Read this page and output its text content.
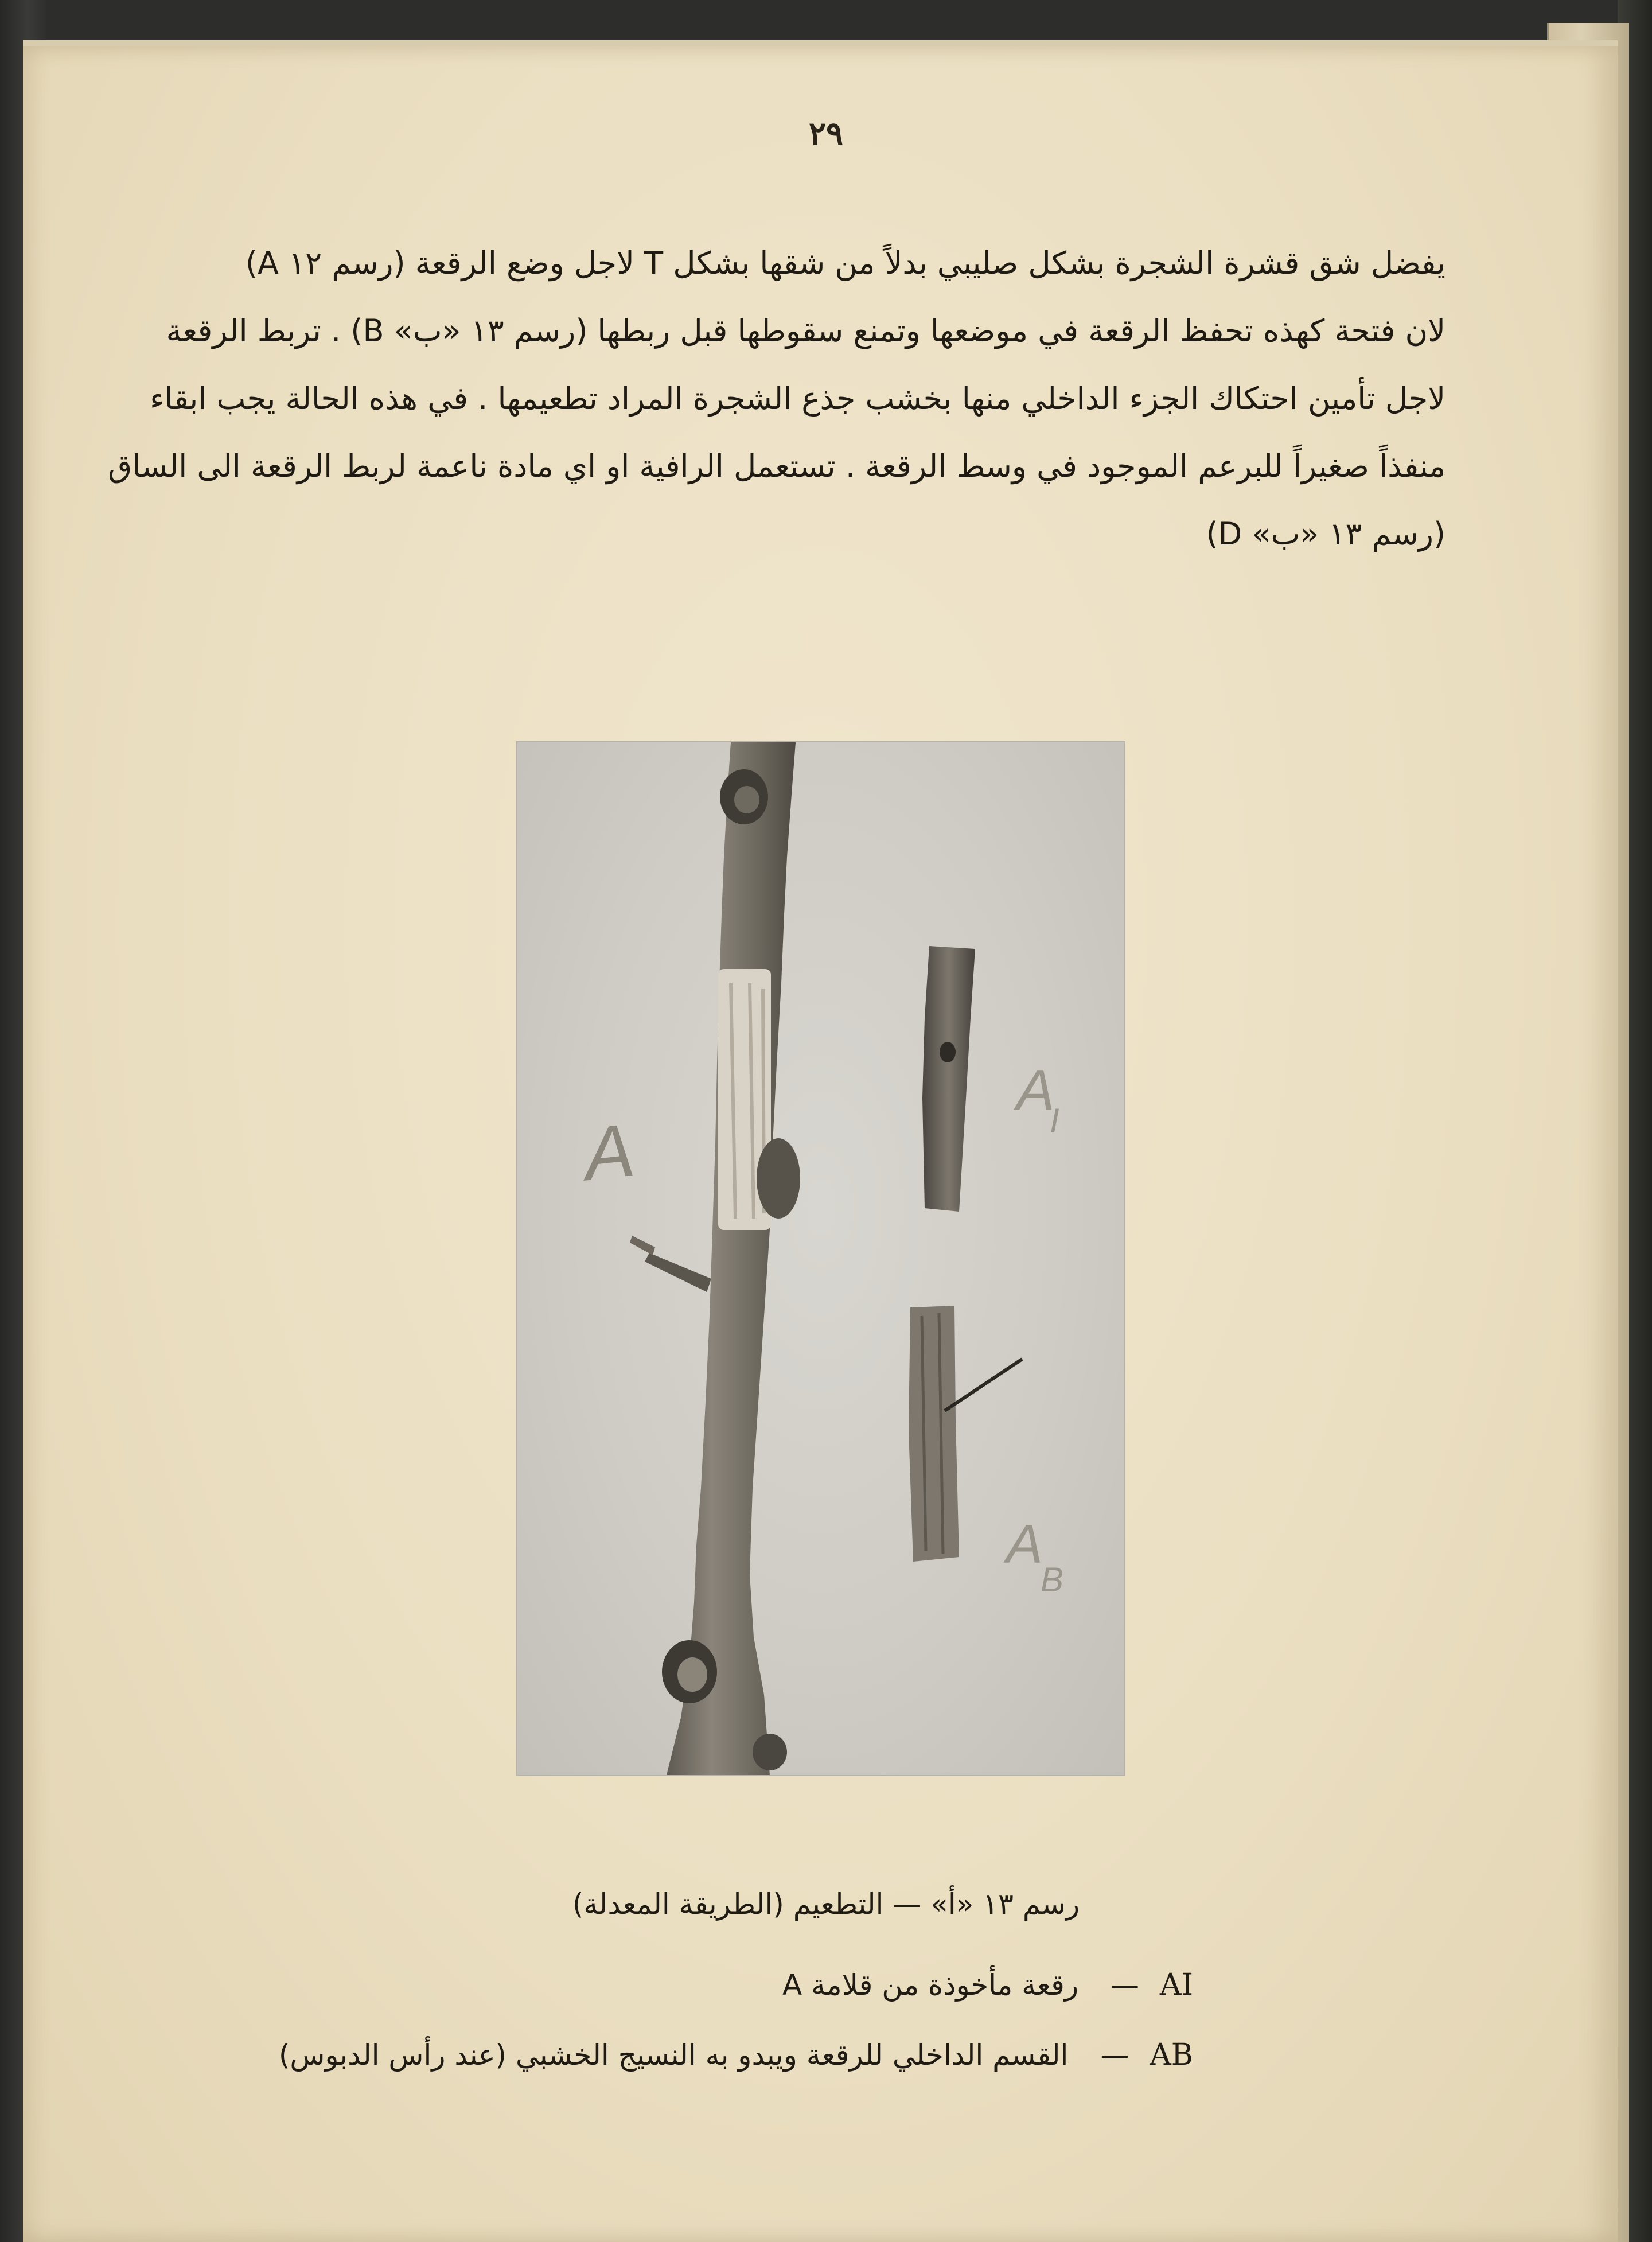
٢٩
يفضل شق قشرة الشجرة بشكل صليبي بدلاً من شقها بشكل T لاجل وضع الرقعة (رسم ١٢ A)
لان فتحة كهذه تحفظ الرقعة في موضعها وتمنع سقوطها قبل ربطها (رسم ١٣ «ب» B) . تربط الرقعة
لاجل تأمين احتكاك الجزء الداخلي منها بخشب جذع الشجرة المراد تطعيمها . في هذه الحالة يجب ابقاء
منفذاً صغيراً للبرعم الموجود في وسط الرقعة . تستعمل الرافية او اي مادة ناعمة لربط الرقعة الى الساق
(رسم ١٣ «ب» D)
A
A
I
A
B
رسم ١٣ «أ» — التطعيم (الطريقة المعدلة)
AI — رقعة مأخوذة من قلامة A
AB — القسم الداخلي للرقعة ويبدو به النسيج الخشبي (عند رأس الدبوس)
